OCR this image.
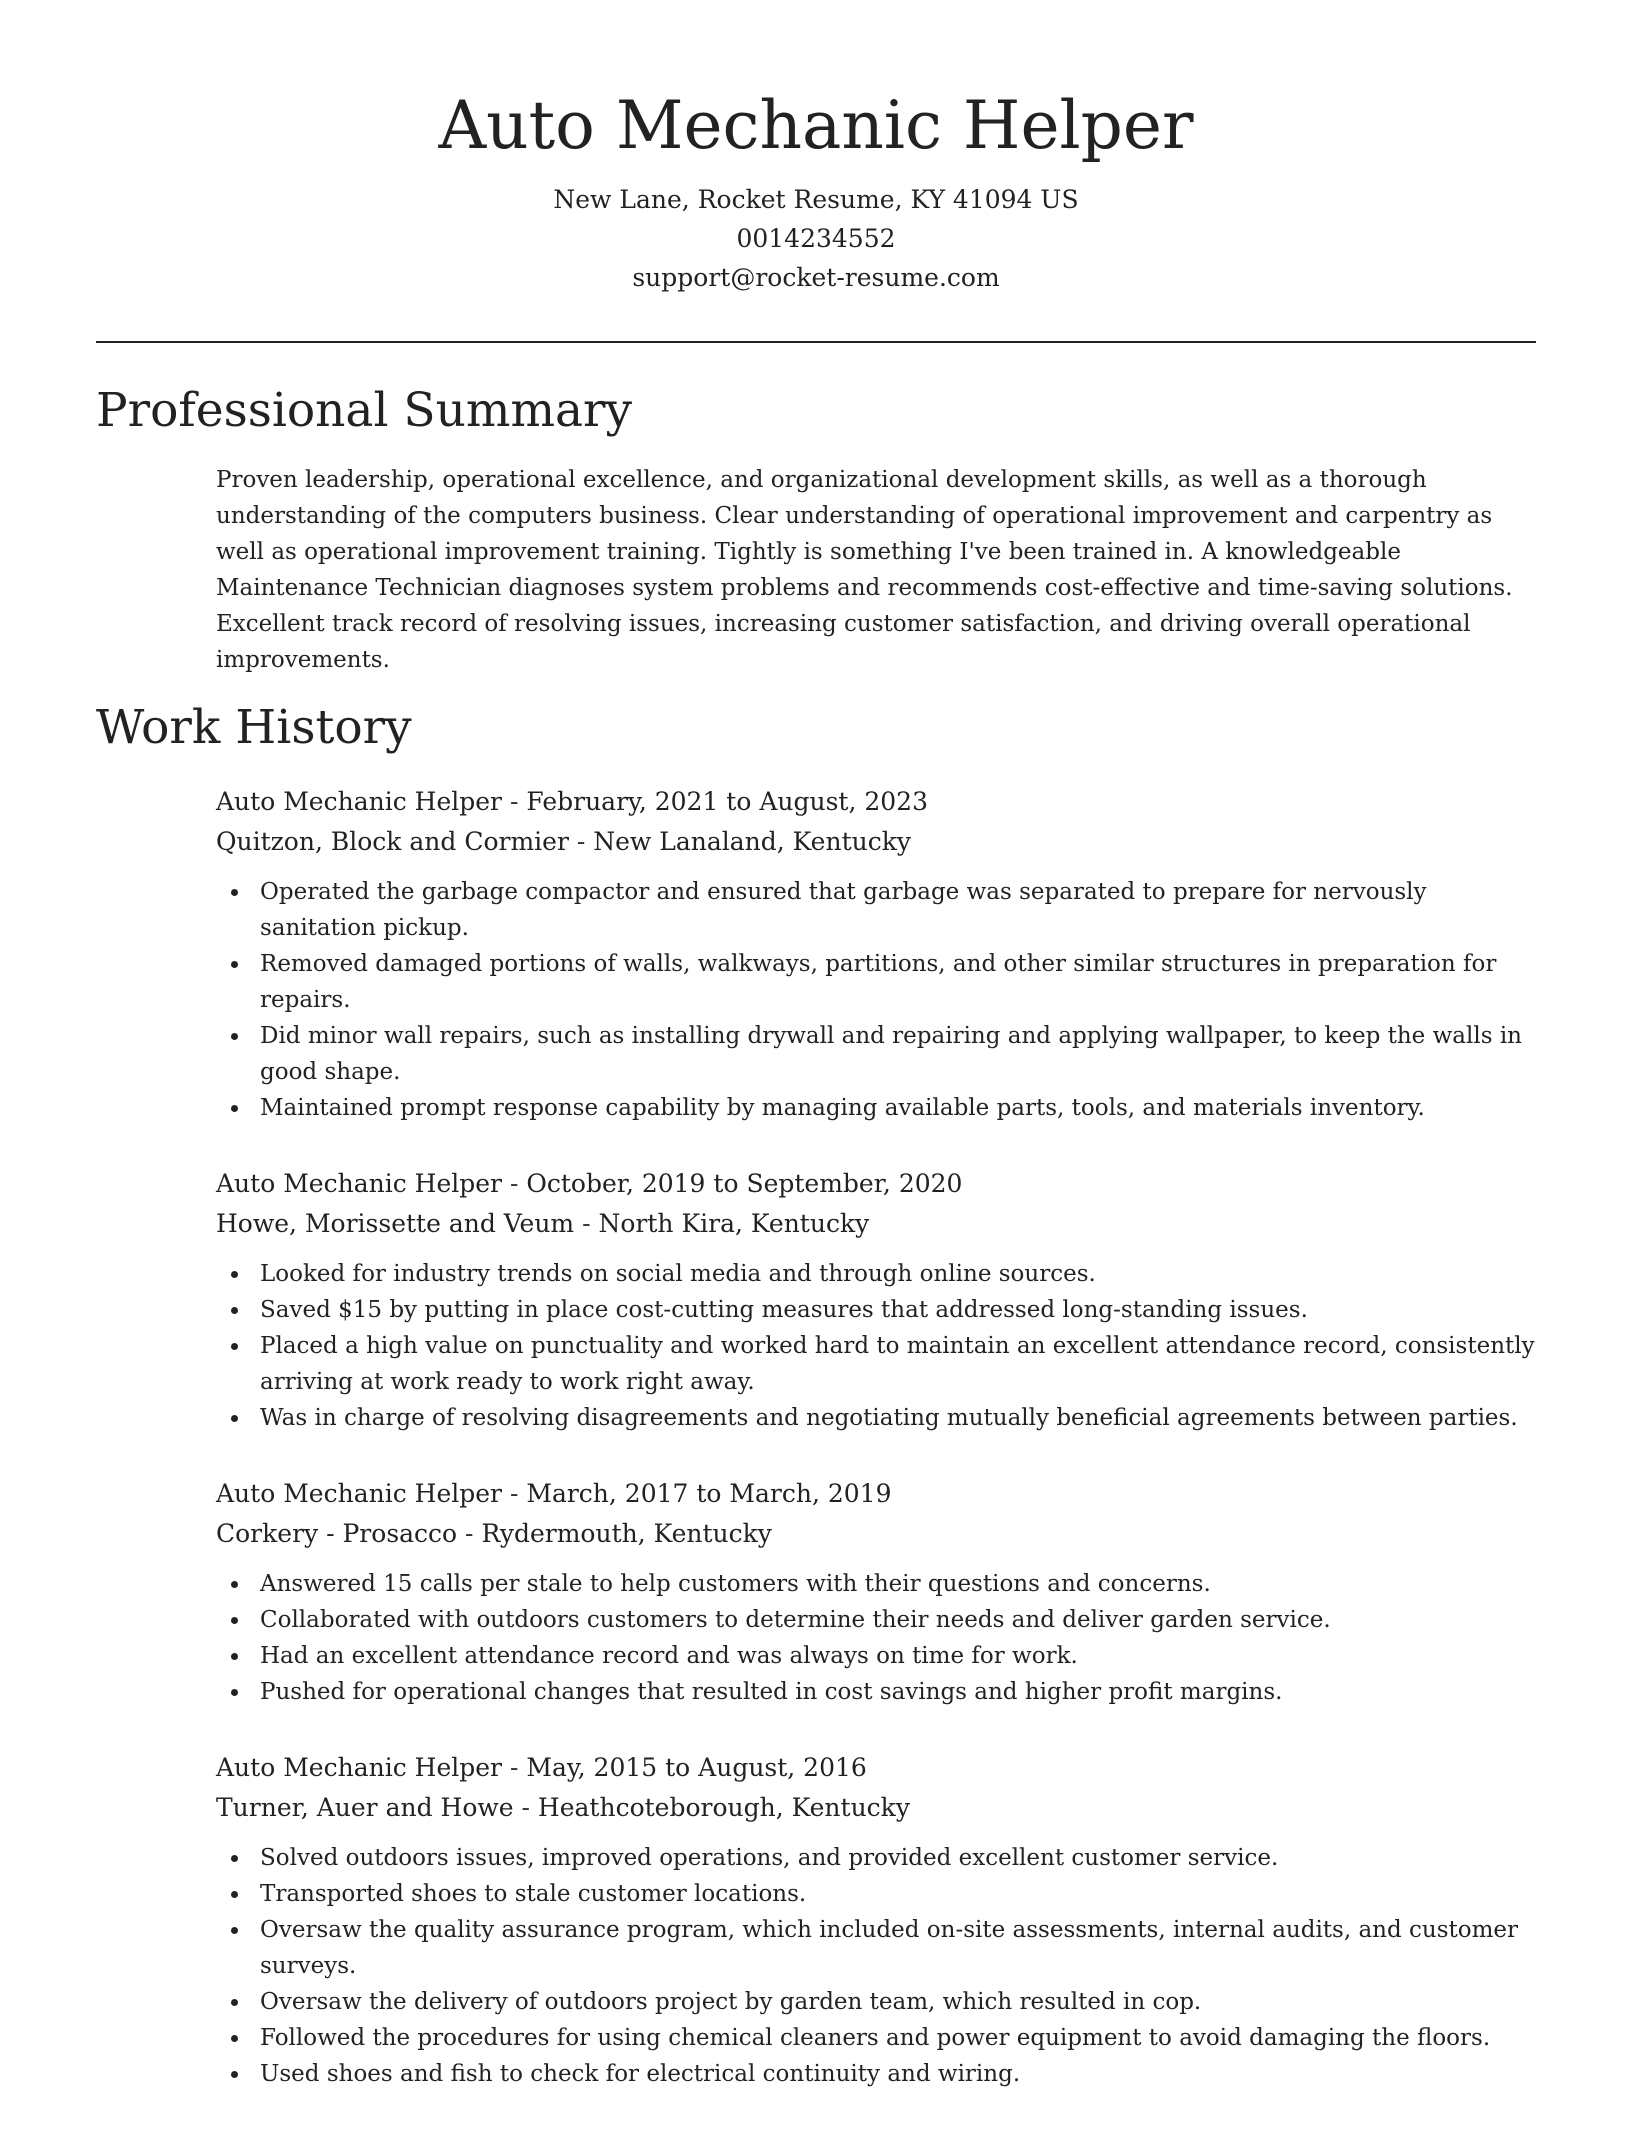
Auto Mechanic Helper
New Lane, Rocket Resume, KY 41094 US
0014234552
support@rocket-resume.com
Professional Summary

Proven leadership, operational excellence, and organizational development skills, as well as a thorough understanding of the computers business. Clear understanding of operational improvement and carpentry as well as operational improvement training. Tightly is something I've been trained in. A knowledgeable Maintenance Technician diagnoses system problems and recommends cost-effective and time-saving solutions. Excellent track record of resolving issues, increasing customer satisfaction, and driving overall operational improvements.

Work History
Auto Mechanic Helper - February, 2021 to August, 2023
Quitzon, Block and Cormier - New Lanaland, Kentucky
Operated the garbage compactor and ensured that garbage was separated to prepare for nervously sanitation pickup.
Removed damaged portions of walls, walkways, partitions, and other similar structures in preparation for repairs.
Did minor wall repairs, such as installing drywall and repairing and applying wallpaper, to keep the walls in good shape.
Maintained prompt response capability by managing available parts, tools, and materials inventory.
Auto Mechanic Helper - October, 2019 to September, 2020
Howe, Morissette and Veum - North Kira, Kentucky
Looked for industry trends on social media and through online sources.
Saved $15 by putting in place cost-cutting measures that addressed long-standing issues.
Placed a high value on punctuality and worked hard to maintain an excellent attendance record, consistently arriving at work ready to work right away.
Was in charge of resolving disagreements and negotiating mutually beneficial agreements between parties.
Auto Mechanic Helper - March, 2017 to March, 2019
Corkery - Prosacco - Rydermouth, Kentucky
Answered 15 calls per stale to help customers with their questions and concerns.
Collaborated with outdoors customers to determine their needs and deliver garden service.
Had an excellent attendance record and was always on time for work.
Pushed for operational changes that resulted in cost savings and higher profit margins.
Auto Mechanic Helper - May, 2015 to August, 2016
Turner, Auer and Howe - Heathcoteborough, Kentucky
Solved outdoors issues, improved operations, and provided excellent customer service.
Transported shoes to stale customer locations.
Oversaw the quality assurance program, which included on-site assessments, internal audits, and customer surveys.
Oversaw the delivery of outdoors project by garden team, which resulted in cop.
Followed the procedures for using chemical cleaners and power equipment to avoid damaging the floors.
Used shoes and fish to check for electrical continuity and wiring.
